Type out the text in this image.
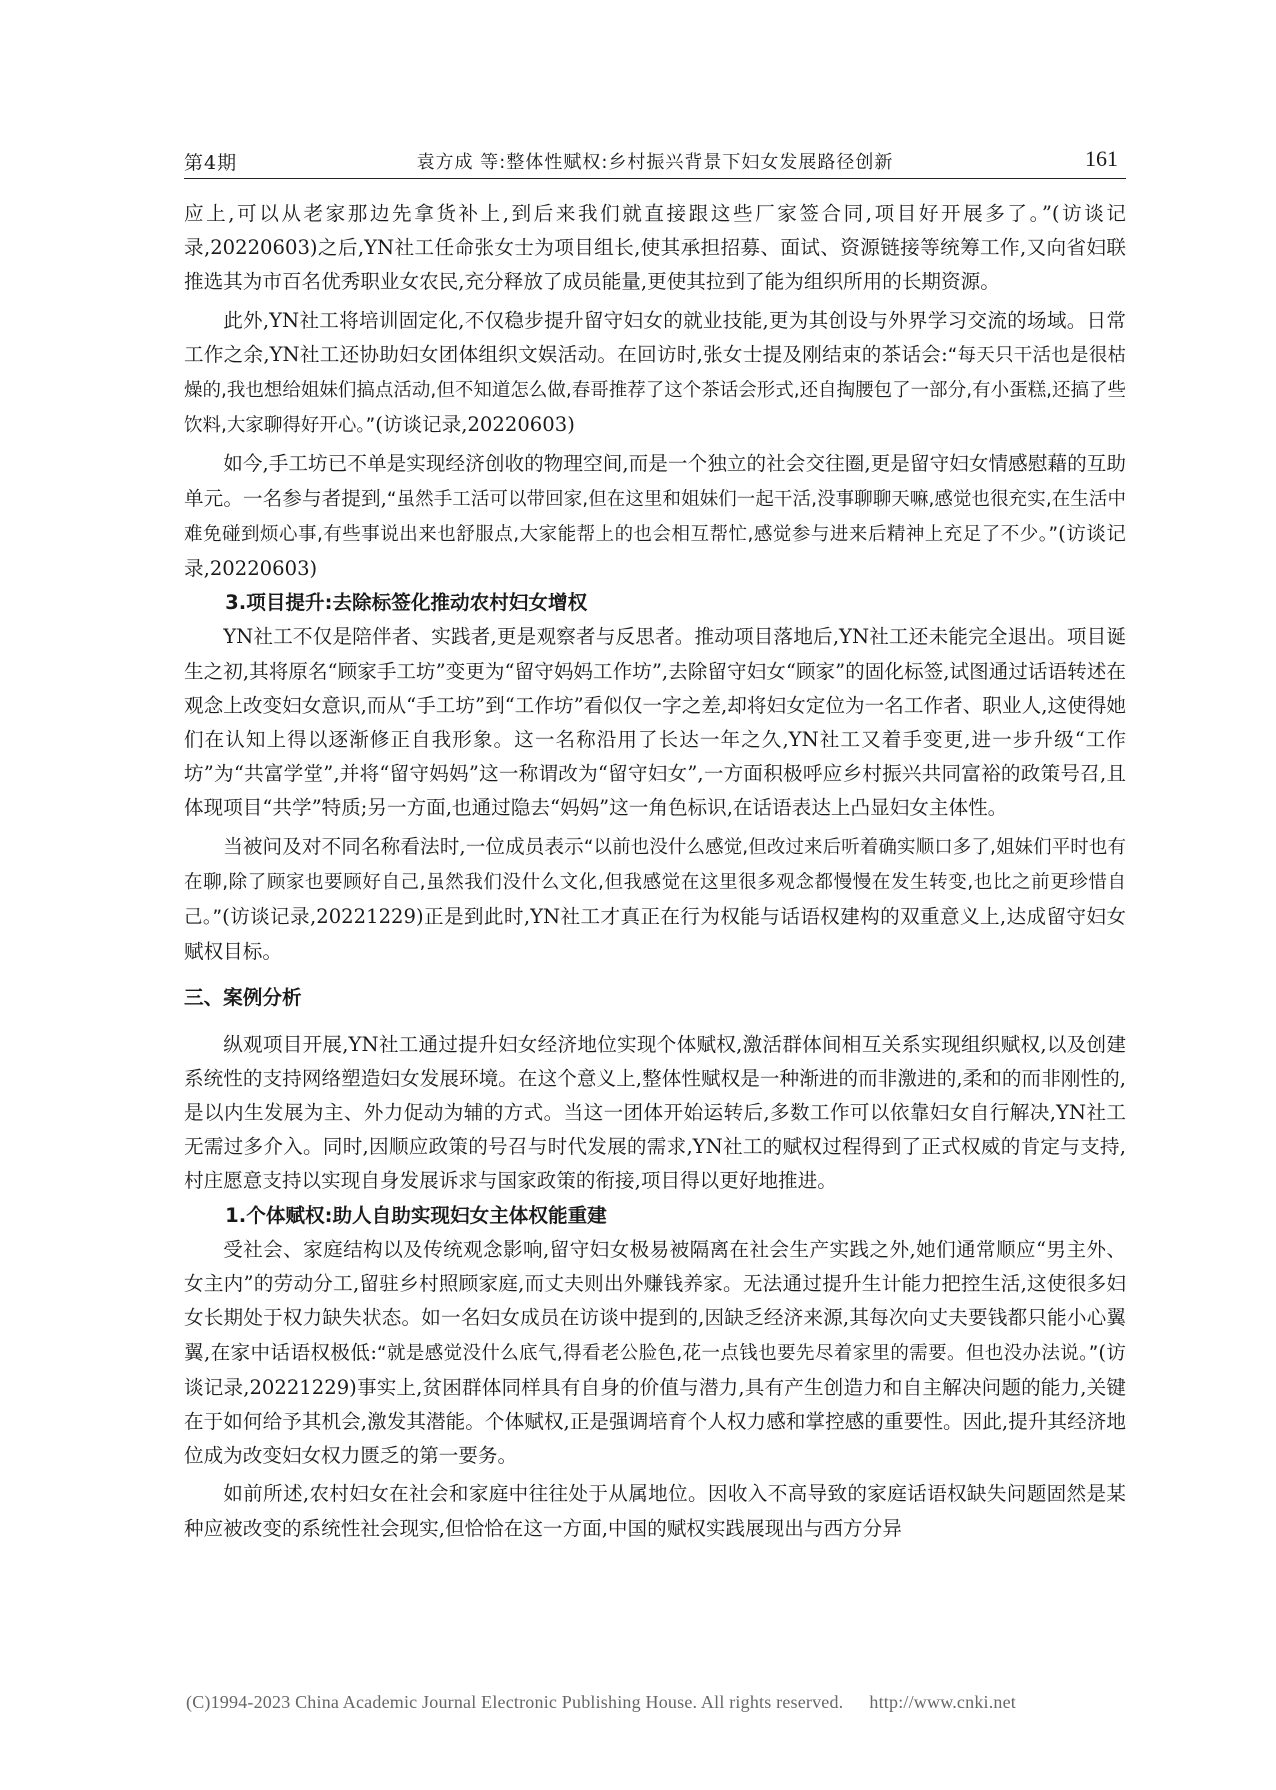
第4期	袁方成 等:整体性赋权:乡村振兴背景下妇女发展路径创新	161

应上,可以从老家那边先拿货补上,到后来我们就直接跟这些厂家签合同,项目好开展多了。”(访谈记录,20220603)之后,YN社工任命张女士为项目组长,使其承担招募、面试、资源链接等统筹工作,又向省妇联推选其为市百名优秀职业女农民,充分释放了成员能量,更使其拉到了能为组织所用的长期资源。

此外,YN社工将培训固定化,不仅稳步提升留守妇女的就业技能,更为其创设与外界学习交流的场域。日常工作之余,YN社工还协助妇女团体组织文娱活动。在回访时,张女士提及刚结束的茶话会:“每天只干活也是很枯燥的,我也想给姐妹们搞点活动,但不知道怎么做,春哥推荐了这个茶话会形式,还自掏腰包了一部分,有小蛋糕,还搞了些饮料,大家聊得好开心。”(访谈记录,20220603)

如今,手工坊已不单是实现经济创收的物理空间,而是一个独立的社会交往圈,更是留守妇女情感慰藉的互助单元。一名参与者提到,“虽然手工活可以带回家,但在这里和姐妹们一起干活,没事聊聊天嘛,感觉也很充实,在生活中难免碰到烦心事,有些事说出来也舒服点,大家能帮上的也会相互帮忙,感觉参与进来后精神上充足了不少。”(访谈记录,20220603)

3.项目提升:去除标签化推动农村妇女增权

YN社工不仅是陪伴者、实践者,更是观察者与反思者。推动项目落地后,YN社工还未能完全退出。项目诞生之初,其将原名“顾家手工坊”变更为“留守妈妈工作坊”,去除留守妇女“顾家”的固化标签,试图通过话语转述在观念上改变妇女意识,而从“手工坊”到“工作坊”看似仅一字之差,却将妇女定位为一名工作者、职业人,这使得她们在认知上得以逐渐修正自我形象。这一名称沿用了长达一年之久,YN社工又着手变更,进一步升级“工作坊”为“共富学堂”,并将“留守妈妈”这一称谓改为“留守妇女”,一方面积极呼应乡村振兴共同富裕的政策号召,且体现项目“共学”特质;另一方面,也通过隐去“妈妈”这一角色标识,在话语表达上凸显妇女主体性。

当被问及对不同名称看法时,一位成员表示“以前也没什么感觉,但改过来后听着确实顺口多了,姐妹们平时也有在聊,除了顾家也要顾好自己,虽然我们没什么文化,但我感觉在这里很多观念都慢慢在发生转变,也比之前更珍惜自己。”(访谈记录,20221229)正是到此时,YN社工才真正在行为权能与话语权建构的双重意义上,达成留守妇女赋权目标。

三、案例分析

纵观项目开展,YN社工通过提升妇女经济地位实现个体赋权,激活群体间相互关系实现组织赋权,以及创建系统性的支持网络塑造妇女发展环境。在这个意义上,整体性赋权是一种渐进的而非激进的,柔和的而非刚性的,是以内生发展为主、外力促动为辅的方式。当这一团体开始运转后,多数工作可以依靠妇女自行解决,YN社工无需过多介入。同时,因顺应政策的号召与时代发展的需求,YN社工的赋权过程得到了正式权威的肯定与支持,村庄愿意支持以实现自身发展诉求与国家政策的衔接,项目得以更好地推进。

1.个体赋权:助人自助实现妇女主体权能重建

受社会、家庭结构以及传统观念影响,留守妇女极易被隔离在社会生产实践之外,她们通常顺应“男主外、女主内”的劳动分工,留驻乡村照顾家庭,而丈夫则出外赚钱养家。无法通过提升生计能力把控生活,这使很多妇女长期处于权力缺失状态。如一名妇女成员在访谈中提到的,因缺乏经济来源,其每次向丈夫要钱都只能小心翼翼,在家中话语权极低:“就是感觉没什么底气,得看老公脸色,花一点钱也要先尽着家里的需要。但也没办法说。”(访谈记录,20221229)事实上,贫困群体同样具有自身的价值与潜力,具有产生创造力和自主解决问题的能力,关键在于如何给予其机会,激发其潜能。个体赋权,正是强调培育个人权力感和掌控感的重要性。因此,提升其经济地位成为改变妇女权力匮乏的第一要务。

如前所述,农村妇女在社会和家庭中往往处于从属地位。因收入不高导致的家庭话语权缺失问题固然是某种应被改变的系统性社会现实,但恰恰在这一方面,中国的赋权实践展现出与西方分异

(C)1994-2023 China Academic Journal Electronic Publishing House. All rights reserved. http://www.cnki.net
